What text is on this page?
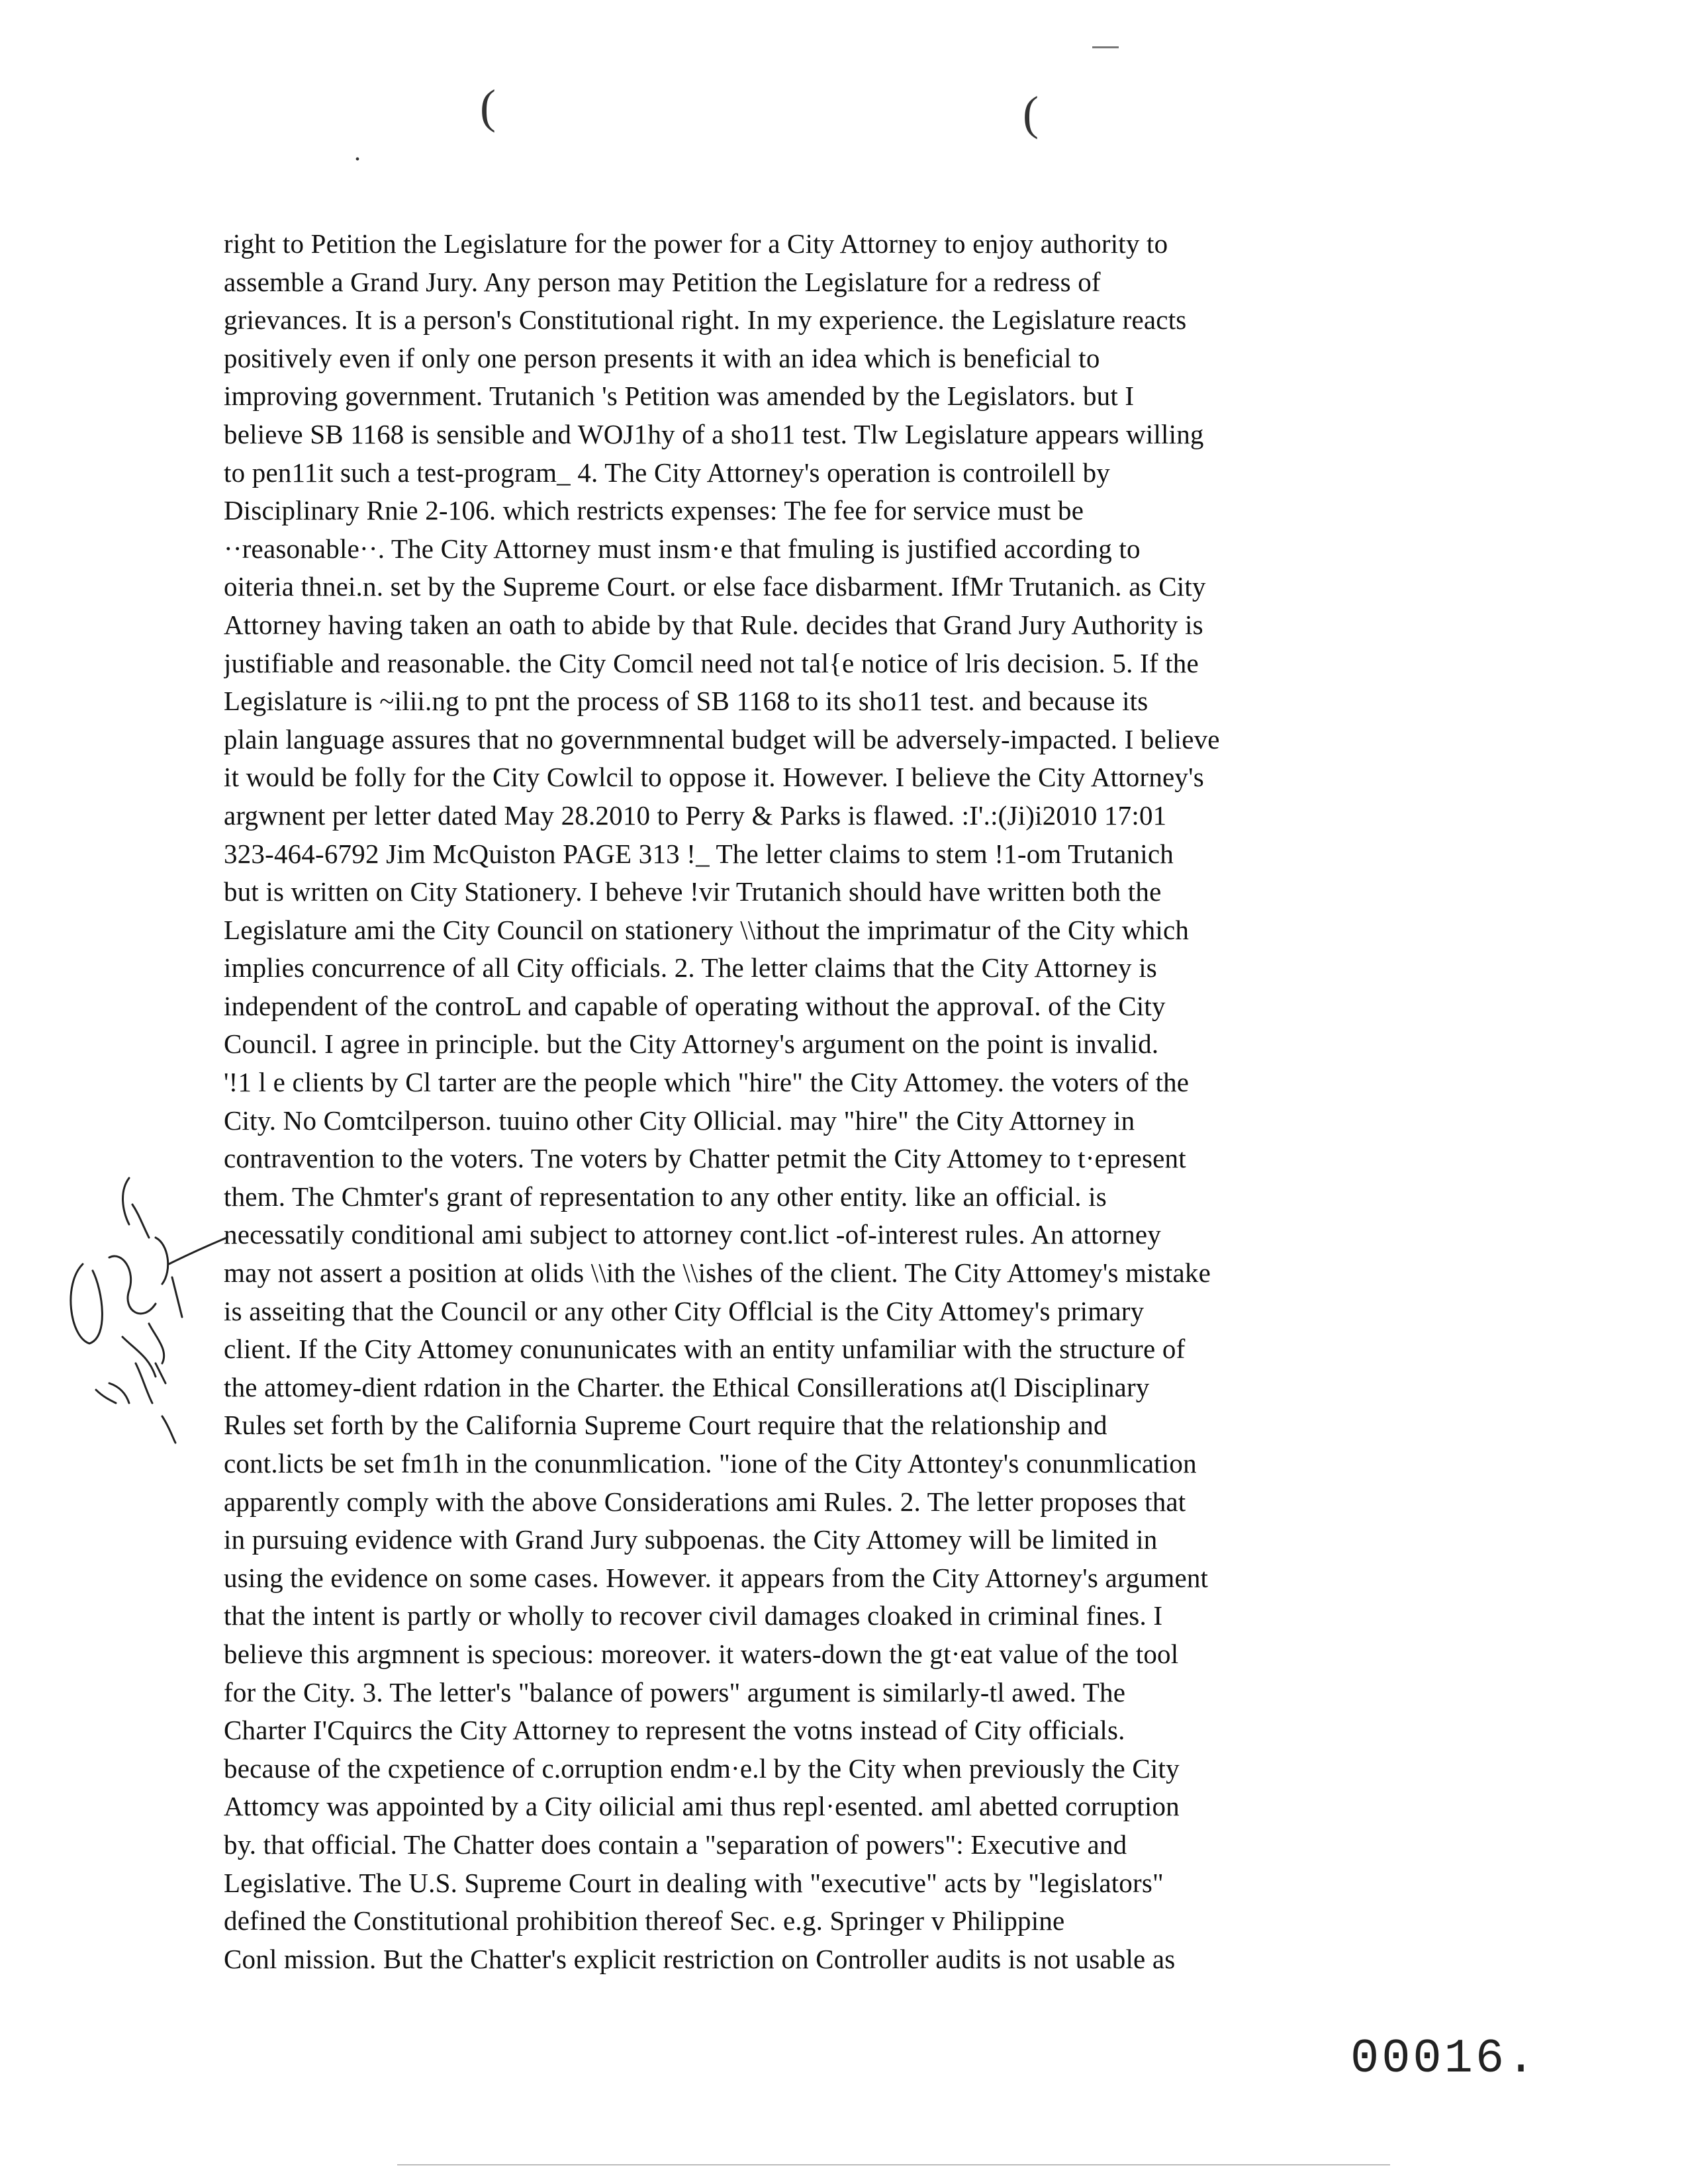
(	(
.
right to Petition the Legislature for the power for a City Attorney to enjoy authority to
assemble a Grand Jury. Any person may Petition the Legislature for a redress of
grievances. It is a person's Constitutional right. In my experience. the Legislature reacts
positively even if only one person presents it with an idea which is beneficial to
improving government. Trutanich 's Petition was amended by the Legislators. but I
believe SB 1168 is sensible and WOJ1hy of a sho11 test. Tlw Legislature appears willing
to pen11it such a test-program_ 4. The City Attorney's operation is controilell by
Disciplinary Rnie 2-106. which restricts expenses: The fee for service must be
··reasonable··. The City Attorney must insm·e that fmuling is justified according to
oiteria thnei.n. set by the Supreme Court. or else face disbarment. IfMr Trutanich. as City
Attorney having taken an oath to abide by that Rule. decides that Grand Jury Authority is
justifiable and reasonable. the City Comcil need not tal{e notice of lris decision. 5. If the
Legislature is ~ilii.ng to pnt the process of SB 1168 to its sho11 test. and because its
plain language assures that no governmnental budget will be adversely-impacted. I believe
it would be folly for the City Cowlcil to oppose it. However. I believe the City Attorney's
argwnent per letter dated May 28.2010 to Perry & Parks is flawed. :I'.:(Ji)i2010 17:01
323-464-6792 Jim McQuiston PAGE 313 !_ The letter claims to stem !1-om Trutanich
but is written on City Stationery. I beheve !vir Trutanich should have written both the
Legislature ami the City Council on stationery \\ithout the imprimatur of the City which
implies concurrence of all City officials. 2. The letter claims that the City Attorney is
independent of the controL and capable of operating without the approvaI. of the City
Council. I agree in principle. but the City Attorney's argument on the point is invalid.
'!1 l e clients by Cl tarter are the people which "hire" the City Attomey. the voters of the
City. No Comtcilperson. tuuino other City Ollicial. may "hire" the City Attorney in
contravention to the voters. Tne voters by Chatter petmit the City Attomey to t·epresent
them. The Chmter's grant of representation to any other entity. like an official. is
necessatily conditional ami subject to attorney cont.lict -of-interest rules. An attorney
may not assert a position at olids \\ith the \\ishes of the client. The City Attomey's mistake
is asseiting that the Council or any other City Offlcial is the City Attomey's primary
client. If the City Attomey conununicates with an entity unfamiliar with the structure of
the attomey-dient rdation in the Charter. the Ethical Consillerations at(l Disciplinary
Rules set forth by the California Supreme Court require that the relationship and
cont.licts be set fm1h in the conunmlication. "ione of the City Attontey's conunmlication
apparently comply with the above Considerations ami Rules. 2. The letter proposes that
in pursuing evidence with Grand Jury subpoenas. the City Attomey will be limited in
using the evidence on some cases. However. it appears from the City Attorney's argument
that the intent is partly or wholly to recover civil damages cloaked in criminal fines. I
believe this argmnent is specious: moreover. it waters-down the gt·eat value of the tool
for the City. 3. The letter's "balance of powers" argument is similarly-tl awed. The
Charter I'Cquircs the City Attorney to represent the votns instead of City officials.
because of the cxpetience of c.orruption endm·e.l by the City when previously the City
Attomcy was appointed by a City oilicial ami thus repl·esented. aml abetted corruption
by. that official. The Chatter does contain a "separation of powers": Executive and
Legislative. The U.S. Supreme Court in dealing with "executive" acts by "legislators"
defined the Constitutional prohibition thereof Sec. e.g. Springer v Philippine
Conl mission. But the Chatter's explicit restriction on Controller audits is not usable as
00016.
